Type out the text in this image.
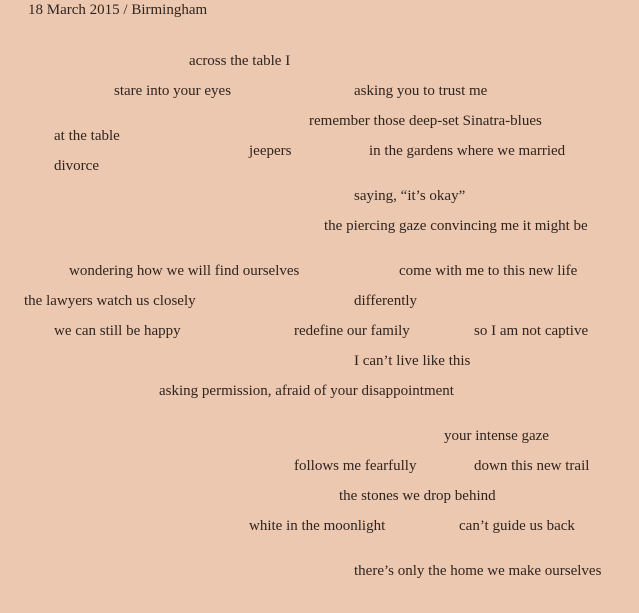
18 March 2015 / Birmingham
across the table I
stare into your eyes	asking you to trust me
remember those deep-set Sinatra-blues
at the table
jeepers	in the gardens where we married
divorce
saying, “it’s okay”
the piercing gaze convincing me it might be
wondering how we will find ourselves	come with me to this new life
the lawyers watch us closely	differently
we can still be happy	redefine our family	so I am not captive
I can’t live like this
asking permission, afraid of your disappointment
your intense gaze
follows me fearfully	down this new trail
the stones we drop behind
white in the moonlight	can’t guide us back
there’s only the home we make ourselves
